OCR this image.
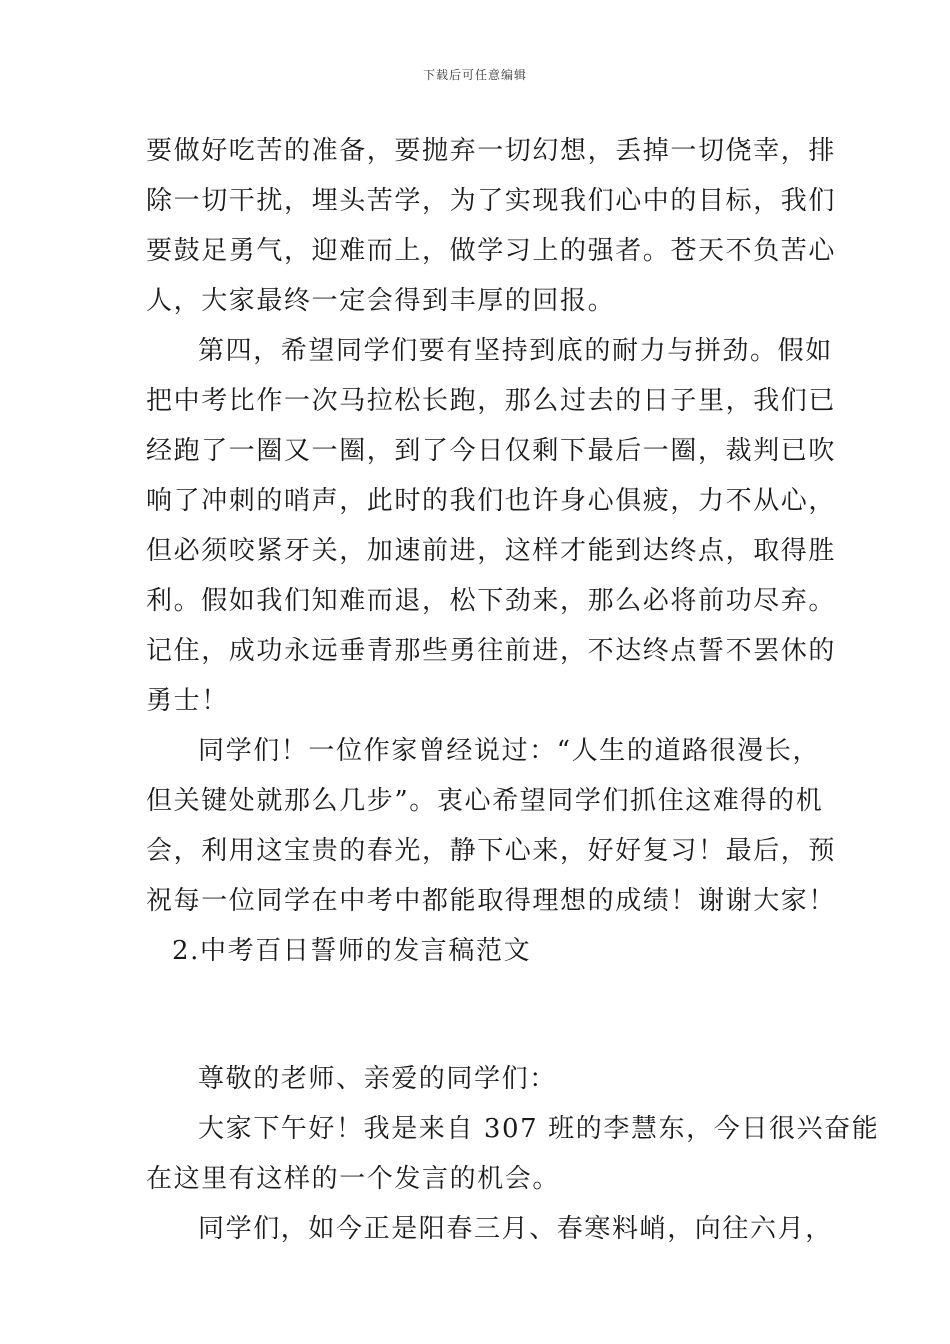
下载后可任意编辑
要做好吃苦的准备，要抛弃一切幻想，丢掉一切侥幸，排
除一切干扰，埋头苦学，为了实现我们心中的目标，我们
要鼓足勇气，迎难而上，做学习上的强者。苍天不负苦心
人，大家最终一定会得到丰厚的回报。
第四，希望同学们要有坚持到底的耐力与拼劲。假如
把中考比作一次马拉松长跑，那么过去的日子里，我们已
经跑了一圈又一圈，到了今日仅剩下最后一圈，裁判已吹
响了冲刺的哨声，此时的我们也许身心俱疲，力不从心，
但必须咬紧牙关，加速前进，这样才能到达终点，取得胜
利。假如我们知难而退，松下劲来，那么必将前功尽弃。
记住，成功永远垂青那些勇往前进，不达终点誓不罢休的
勇士！
同学们！一位作家曾经说过：“人生的道路很漫长，
但关键处就那么几步”。衷心希望同学们抓住这难得的机
会，利用这宝贵的春光，静下心来，好好复习！最后，预
祝每一位同学在中考中都能取得理想的成绩！谢谢大家！
2.中考百日誓师的发言稿范文
尊敬的老师、亲爱的同学们：
大家下午好！我是来自 307 班的李慧东，今日很兴奋能
在这里有这样的一个发言的机会。
同学们，如今正是阳春三月、春寒料峭，向往六月，
